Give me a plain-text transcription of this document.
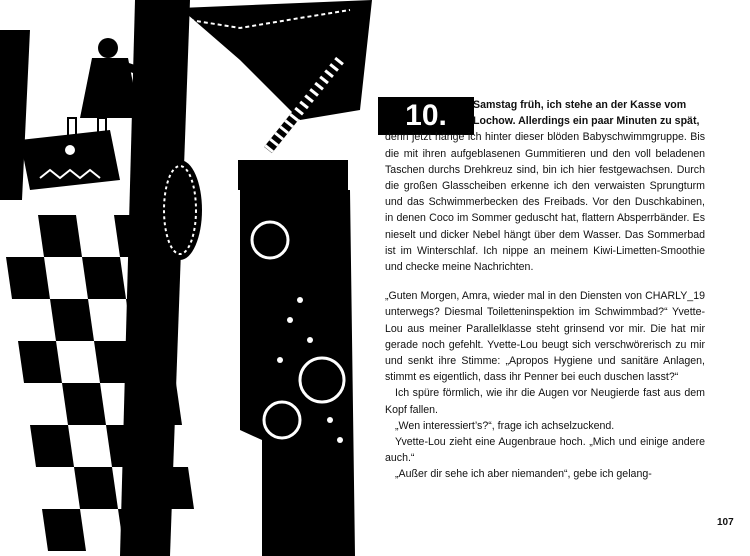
10.	Samstag früh, ich stehe an der Kasse vom
Lochow. Allerdings ein paar Minuten zu spät,

denn jetzt hänge ich hinter dieser blöden Babyschwimmgruppe. Bis die mit ihren aufgeblasenen Gummitieren und den voll beladenen Taschen durchs Drehkreuz sind, bin ich hier festgewachsen. Durch die großen Glasscheiben erkenne ich den verwaisten Sprungturm und das Schwimmerbecken des Freibads. Vor den Duschkabinen, in denen Coco im Sommer geduscht hat, flattern Absperrbänder. Es nieselt und dicker Nebel hängt über dem Wasser. Das Sommerbad ist im Winterschlaf. Ich nippe an meinem Kiwi-Limetten-Smoothie und checke meine Nachrichten.

„Guten Morgen, Amra, wieder mal in den Diensten von CHARLY_19 unterwegs? Diesmal Toiletteninspektion im Schwimmbad?“ Yvette-Lou aus meiner Parallelklasse steht grinsend vor mir. Die hat mir gerade noch gefehlt. Yvette-Lou beugt sich verschwörerisch zu mir und senkt ihre Stimme: „Apropos Hygiene und sanitäre Anlagen, stimmt es eigentlich, dass ihr Penner bei euch duschen lasst?“

Ich spüre förmlich, wie ihr die Augen vor Neugierde fast aus dem Kopf fallen.

„Wen interessiert’s?“, frage ich achselzuckend.

Yvette-Lou zieht eine Augenbraue hoch. „Mich und einige andere auch.“

„Außer dir sehe ich aber niemanden“, gebe ich gelang-

107
